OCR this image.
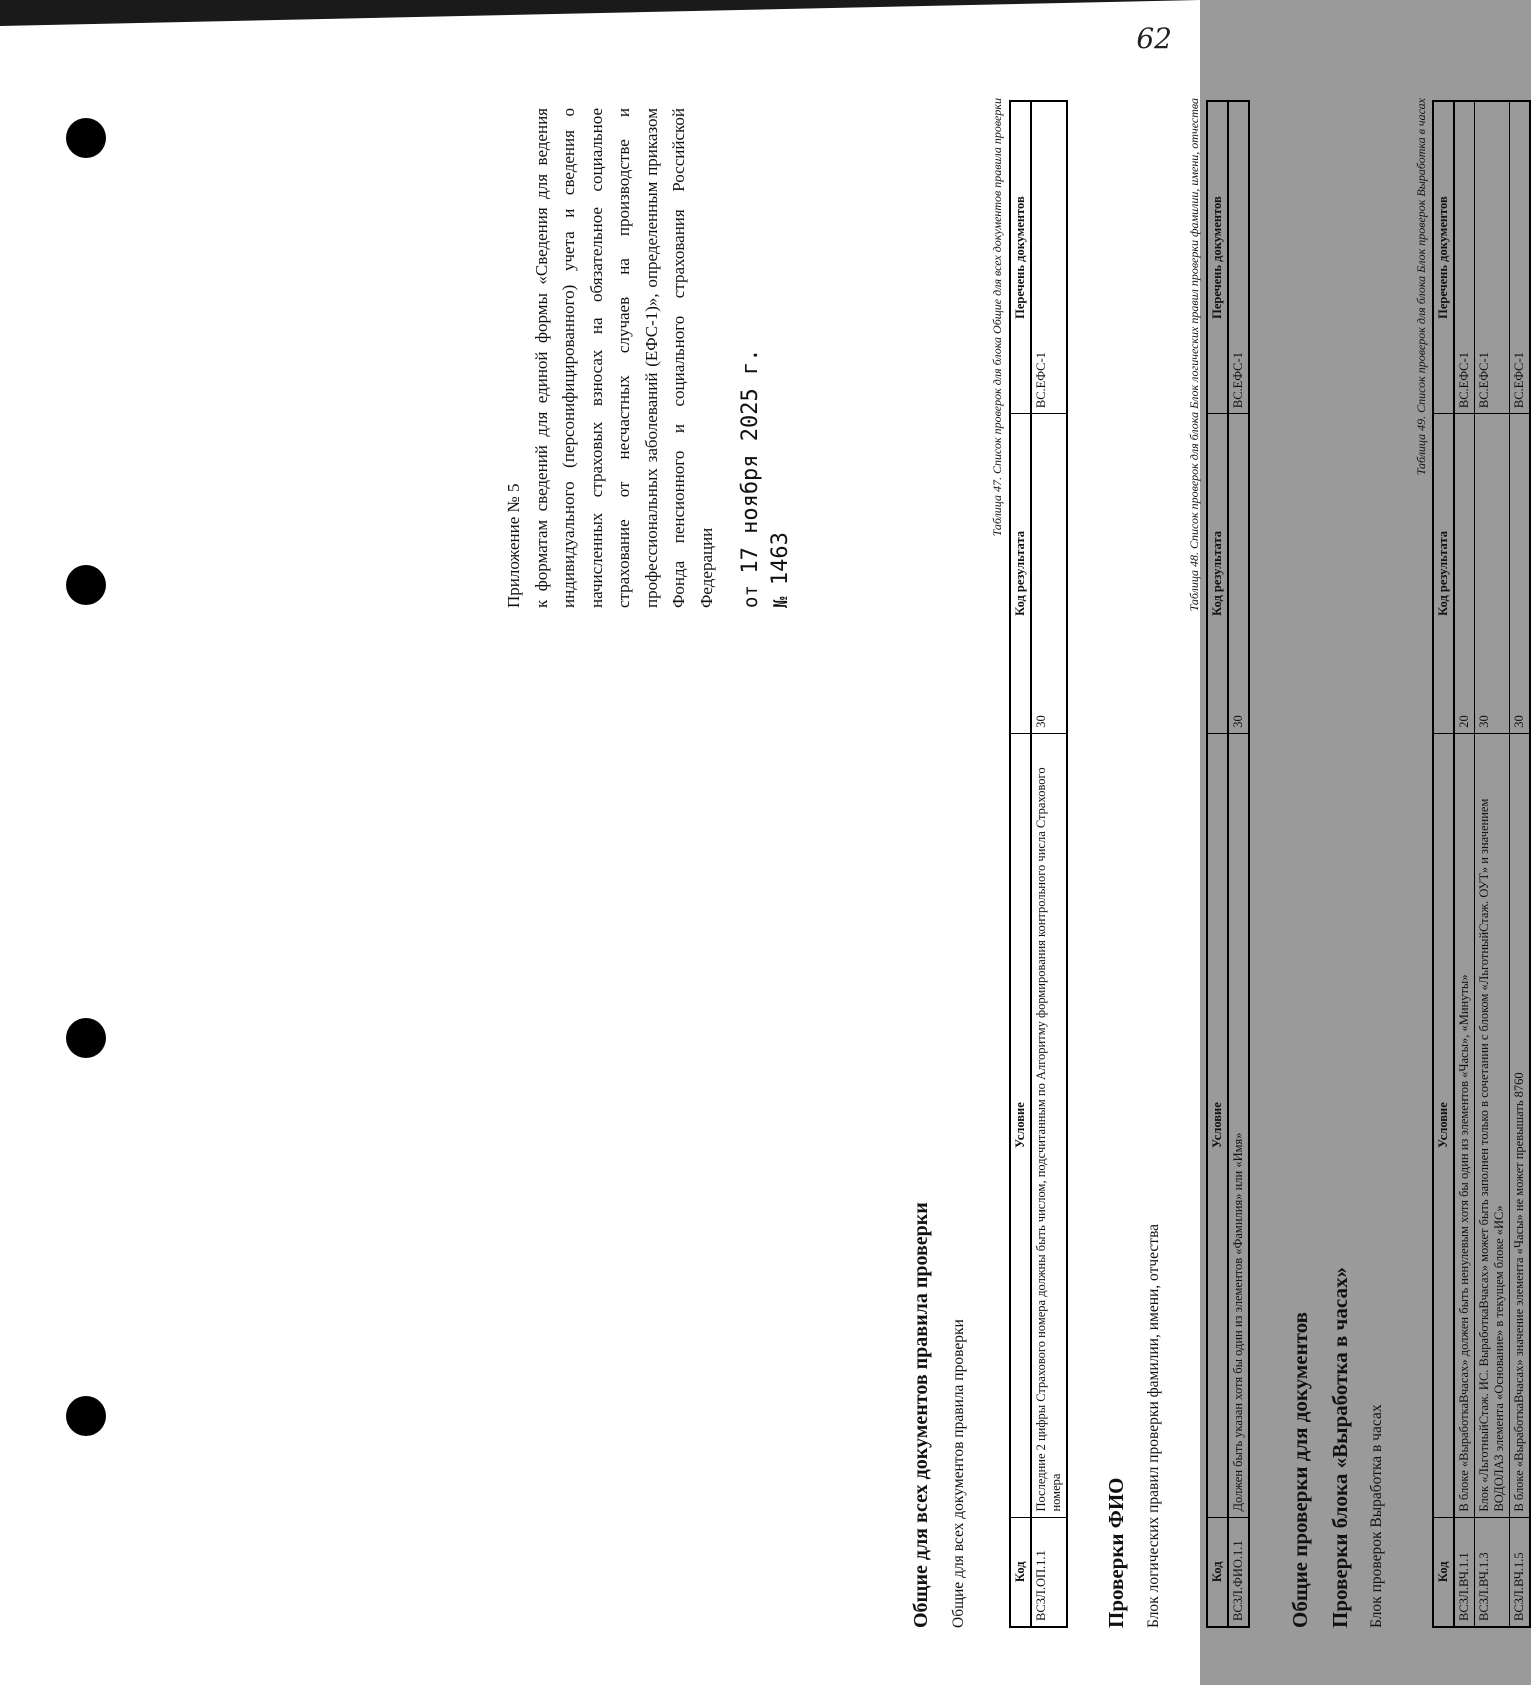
62
Приложение № 5 к форматам сведений для единой формы «Сведения для ведения индивидуального (персонифицированного) учета и сведения о начисленных страховых взносах на обязательное социальное страхование от несчастных случаев на производстве и профессиональных заболеваний (ЕФС-1)», определенным приказом Фонда пенсионного и социального страхования Российской Федерации от 17 ноября 2025 г.
№ 1463
Общие для всех документов правила проверки Общие для всех документов правила проверки
Таблица 47. Список проверок для блока Общие для всех документов правила проверки
Код	Условие	Код результата	Перечень документов
ВСЗЛ.ОП.1.1	Последние 2 цифры Страхового номера должны быть числом, подсчитанным по Алгоритму формирования контрольного числа Страхового номера	30	ВС.ЕФС-1
Проверки ФИО Блок логических правил проверки фамилии, имени, отчества
Таблица 48. Список проверок для блока Блок логических правил проверки фамилии, имени, отчества
Код	Условие	Код результата	Перечень документов
ВСЗЛ.ФИО.1.1	Должен быть указан хотя бы один из элементов «Фамилия» или «Имя»	30	ВС.ЕФС-1
Общие проверки для документов Проверки блока «Выработка в часах» Блок проверок Выработка в часах
Таблица 49. Список проверок для блока Блок проверок Выработка в часах
Код	Условие	Код результата	Перечень документов
ВСЗЛ.ВЧ.1.1	В блоке «ВыработкаВчасах» должен быть ненулевым хотя бы один из элементов «Часы», «Минуты»	20	ВС.ЕФС-1
ВСЗЛ.ВЧ.1.3	Блок «ЛьготныйСтаж. ИС. ВыработкаВчасах» может быть заполнен только в сочетании с блоком «ЛьготныйСтаж. ОУТ» и значением ВОДОЛАЗ элемента «Основание» в текущем блоке «ИС»	30	ВС.ЕФС-1
ВСЗЛ.ВЧ.1.5	В блоке «ВыработкаВчасах» значение элемента «Часы» не может превышать 8760	30	ВС.ЕФС-1
